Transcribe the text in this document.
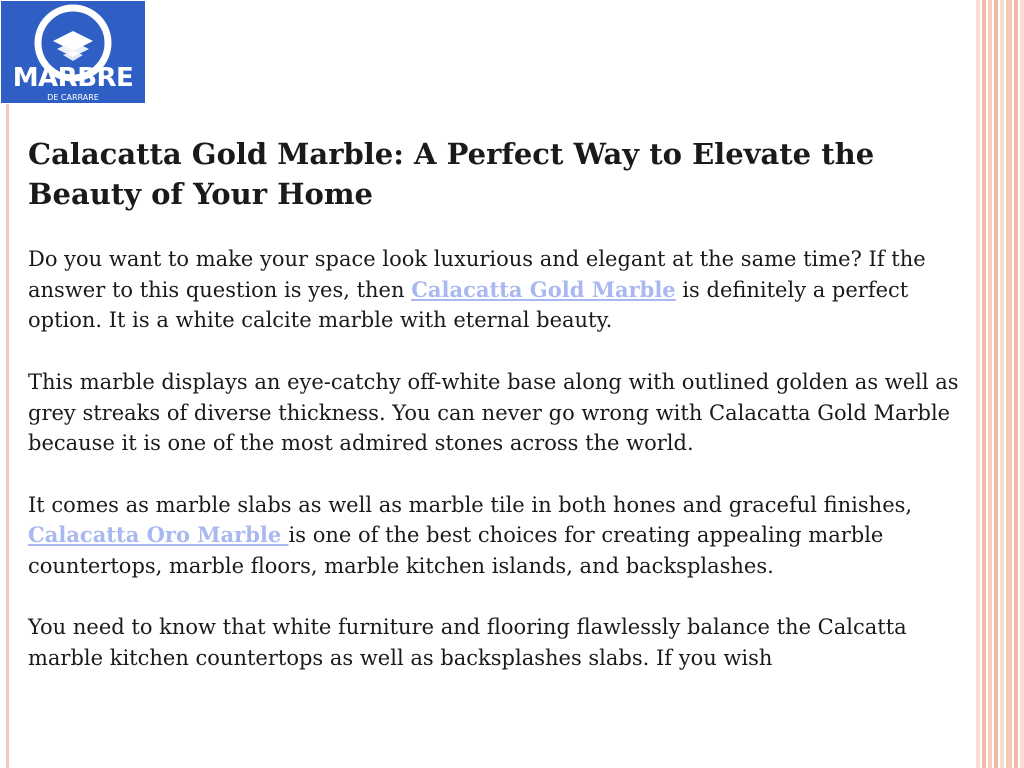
MARBRE
DE CARRARE
Calacatta Gold Marble: A Perfect Way to Elevate the Beauty of Your Home

Do you want to make your space look luxurious and elegant at the same time? If the answer to this question is yes, then Calacatta Gold Marble is definitely a perfect option. It is a white calcite marble with eternal beauty.

This marble displays an eye-catchy off-white base along with outlined golden as well as grey streaks of diverse thickness. You can never go wrong with Calacatta Gold Marble because it is one of the most admired stones across the world.

It comes as marble slabs as well as marble tile in both hones and graceful finishes, Calacatta Oro Marble is one of the best choices for creating appealing marble countertops, marble floors, marble kitchen islands, and backsplashes.

You need to know that white furniture and flooring flawlessly balance the Calcatta marble kitchen countertops as well as backsplashes slabs. If you wish
